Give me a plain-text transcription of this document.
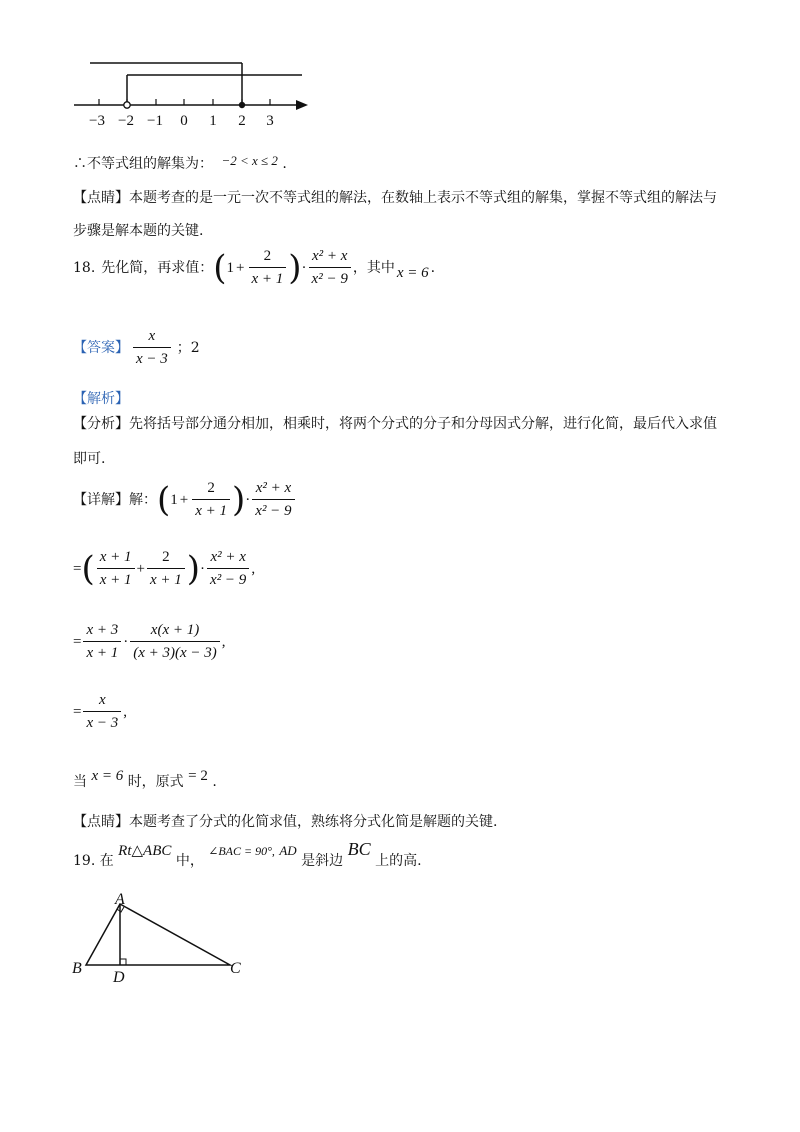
−3 −2 −1 0 1 2 3
∴不等式组的解集为： −2 < x ≤ 2 .
【点睛】本题考查的是一元一次不等式组的解法，在数轴上表示不等式组的解集，掌握不等式组的解法与
步骤是解本题的关键.
18. 先化简，再求值： ( $1 + \frac{2}{x + 1}$ ) · $\frac{\text{x² + x}}{\text{x² − 9}}$ ，其中 x = 6 .
【答案】 $\frac{x}{x - 3}$ ； 2
【解析】
【分析】先将括号部分通分相加，相乘时，将两个分式的分子和分母因式分解，进行化简，最后代入求值
即可.
【详解】 解： ( $1 + \frac{2}{x + 1}$ ) · $\frac{\text{x² + x}}{\text{x² − 9}}$
= ( $\frac{x + 1}{x + 1} + \frac{2}{x + 1}$ ) · $\frac{\text{x² + x}}{\text{x² − 9}}$ ,
= $\frac{x + 3}{x + 1} \cdot \frac{x(x + 1)}{(x + 3)(x - 3)}$ ,
= $\frac{x}{x - 3}$ ,
当 x = 6 时，原式 = 2 .
【点睛】本题考查了分式的化简求值，熟练将分式化简是解题的关键.
19. 在 Rt△ABC 中， ∠BAC = 90°, AD 是斜边 BC 上的高.
A
B	C
D
